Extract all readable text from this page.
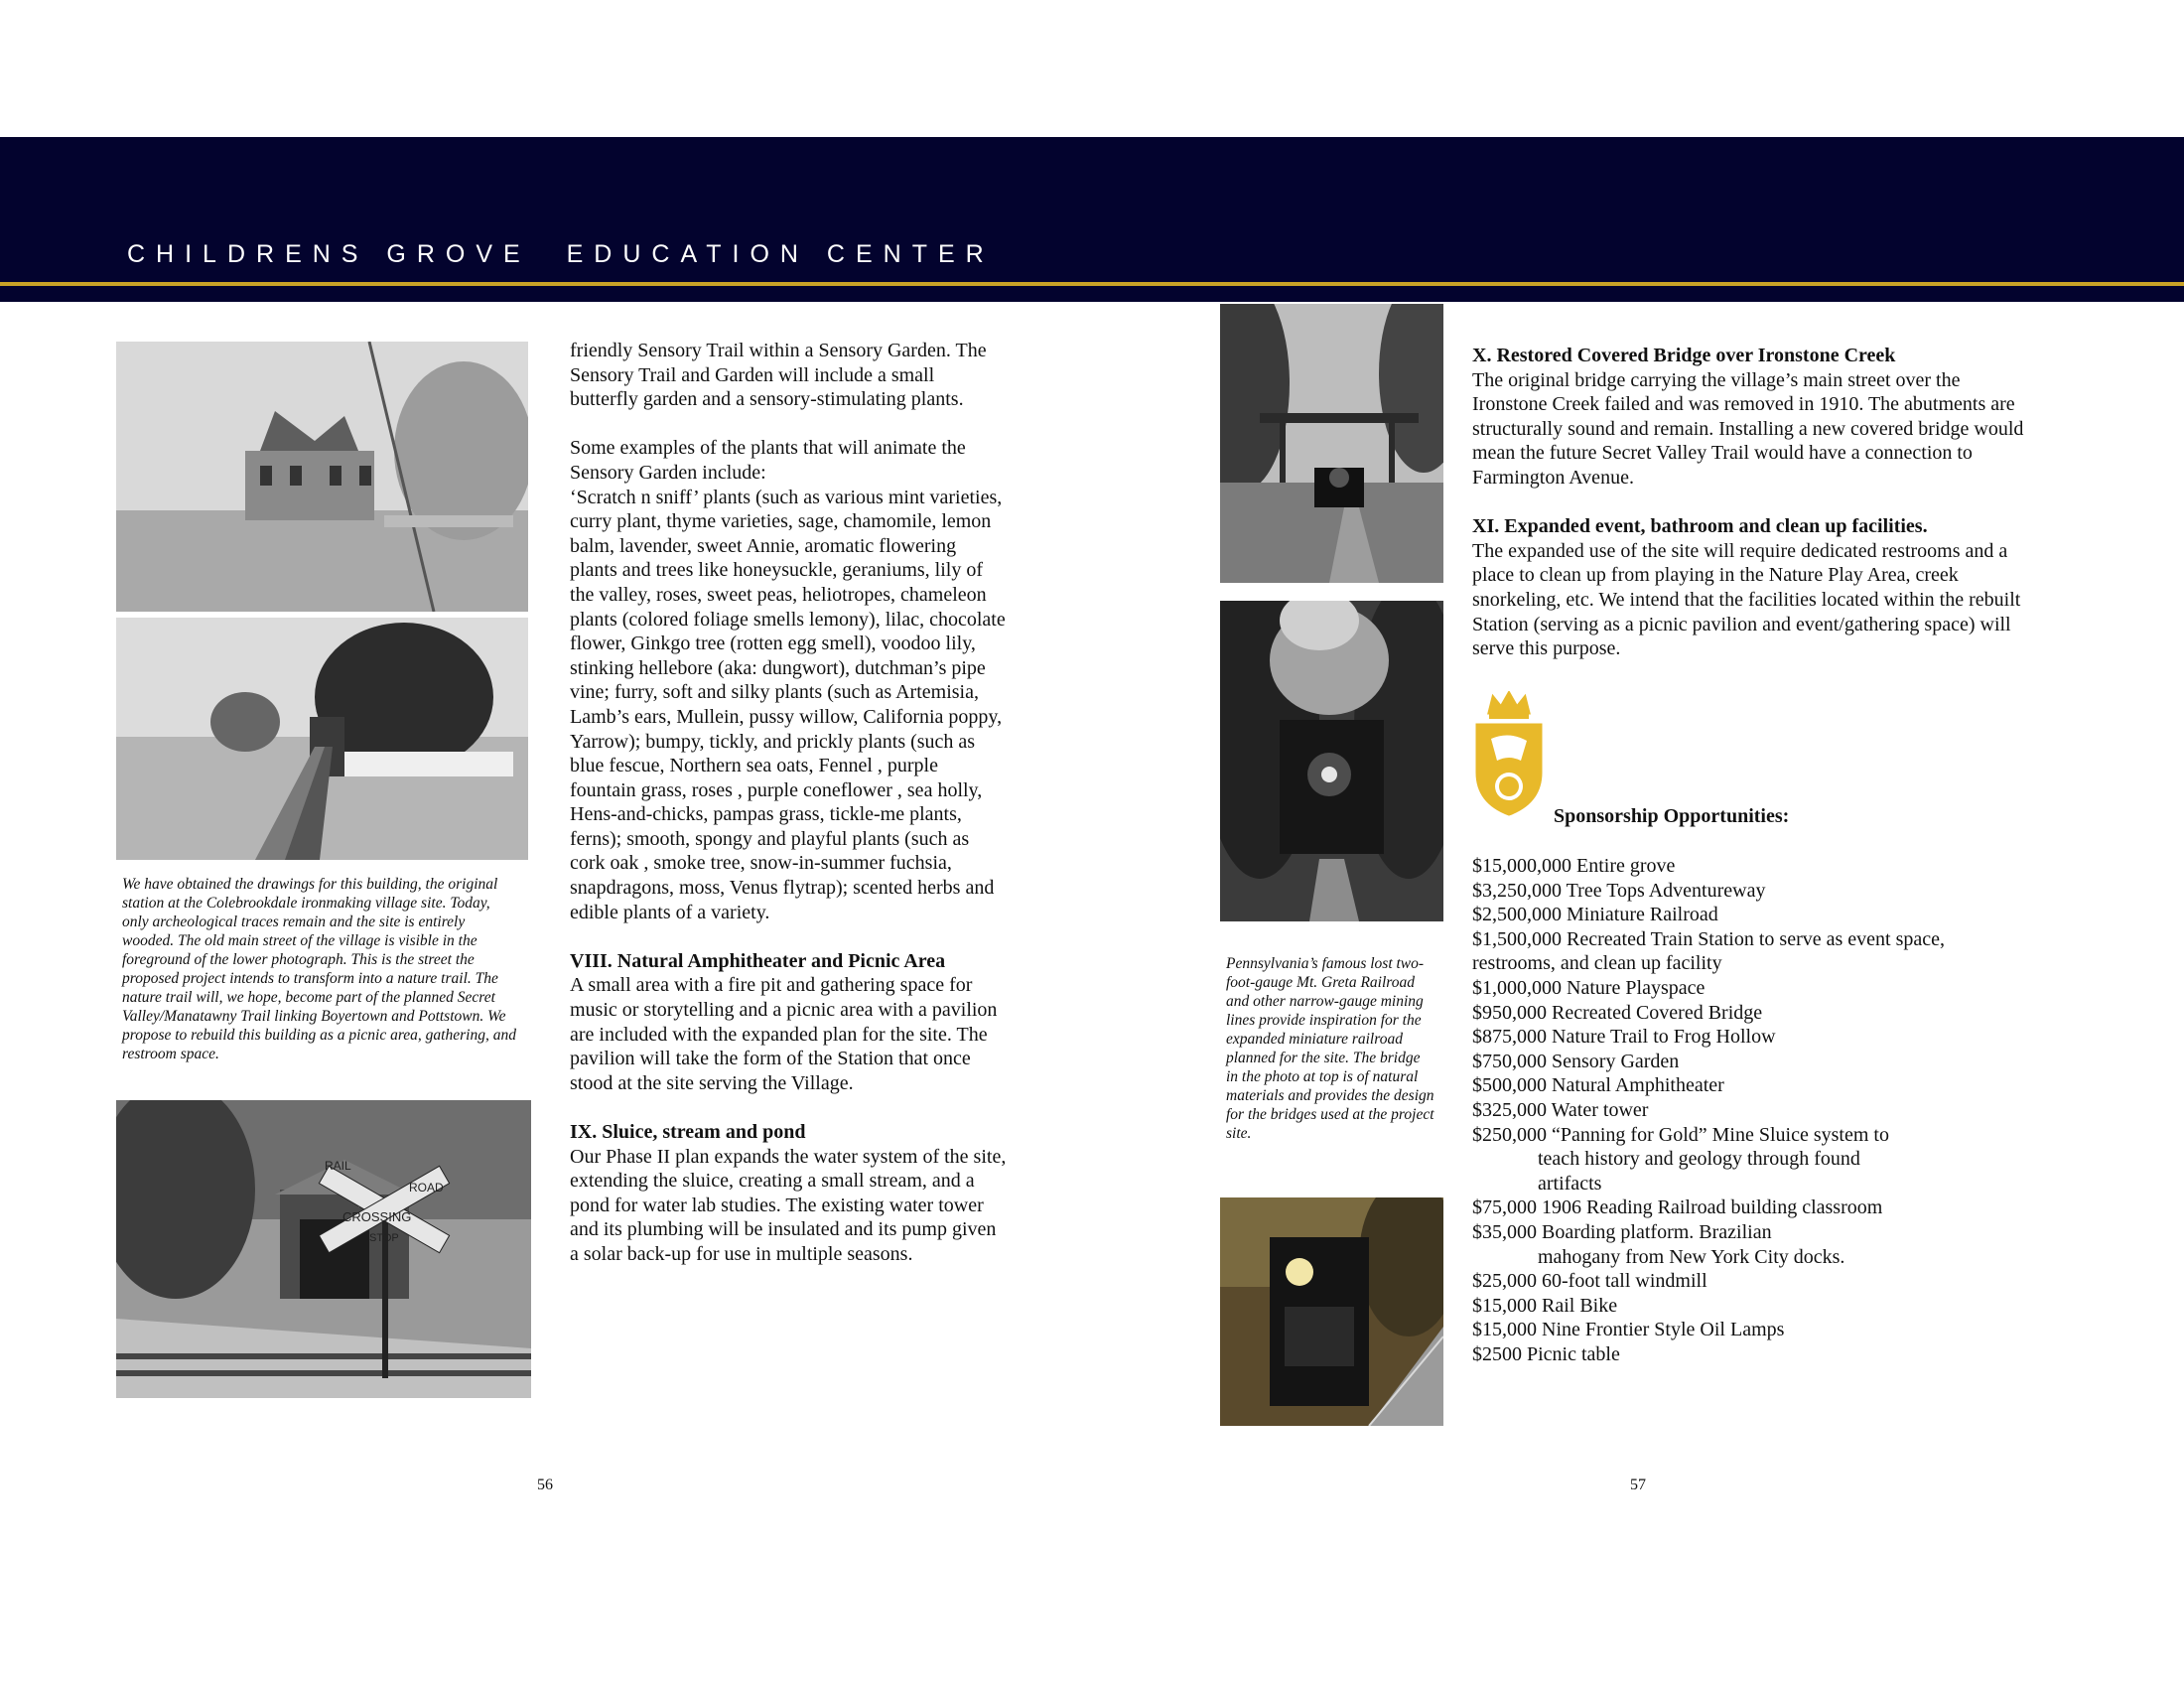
CHILDRENS GROVE  EDUCATION CENTER
We have obtained the drawings for this building, the original station at the Colebrookdale ironmaking village site. Today, only archeological traces remain and the site is entirely wooded. The old main street of the village is visible in the foreground of the lower photograph. This is the street the proposed project intends to transform into a nature trail. The nature trail will, we hope, become part of the planned Secret Valley/Manatawny Trail linking Boyertown and Pottstown. We propose to rebuild this building as a picnic area, gathering, and restroom space.
RAIL
CROSSING
ROAD
STOP

friendly Sensory Trail within a Sensory Garden. The Sensory Trail and Garden will include a small butterfly garden and a sensory-stimulating plants.

Some examples of the plants that will animate the Sensory Garden include:

‘Scratch n sniff’ plants (such as various mint varieties, curry plant, thyme varieties, sage, chamomile, lemon balm, lavender, sweet Annie, aromatic flowering plants and trees like honeysuckle, geraniums, lily of the valley, roses, sweet peas, heliotropes, chameleon plants (colored foliage smells lemony), lilac, chocolate flower, Ginkgo tree (rotten egg smell), voodoo lily, stinking hellebore (aka: dungwort), dutchman’s pipe vine; furry, soft and silky plants (such as Artemisia, Lamb’s ears, Mullein, pussy willow, California poppy, Yarrow); bumpy, tickly, and prickly plants (such as blue fescue, Northern sea oats, Fennel , purple fountain grass, roses , purple coneflower , sea holly, Hens-and-chicks, pampas grass, tickle-me plants, ferns); smooth, spongy and playful plants (such as cork oak , smoke tree, snow-in-summer fuchsia, snapdragons, moss, Venus flytrap); scented herbs and edible plants of a variety.

VIII. Natural Amphitheater and Picnic Area

A small area with a fire pit and gathering space for music or storytelling and a picnic area with a pavilion are included with the expanded plan for the site. The pavilion will take the form of the Station that once stood at the site serving the Village.

IX. Sluice, stream and pond

Our Phase II plan expands the water system of the site, extending the sluice, creating a small stream, and a pond for water lab studies. The existing water tower and its plumbing will be insulated and its pump given a solar back-up for use in multiple seasons.

56
Pennsylvania’s famous lost two-foot-gauge Mt. Greta Railroad and other narrow-gauge mining lines provide inspiration for the expanded miniature railroad planned for the site. The bridge in the photo at top is of natural materials and provides the design for the bridges used at the project site.

X. Restored Covered Bridge over Ironstone Creek

The original bridge carrying the village’s main street over the Ironstone Creek failed and was removed in 1910. The abutments are structurally sound and remain. Installing a new covered bridge would mean the future Secret Valley Trail would have a connection to Farmington Avenue.

XI. Expanded event, bathroom and clean up facilities.

The expanded use of the site will require dedicated restrooms and a place to clean up from playing in the Nature Play Area, creek snorkeling, etc. We intend that the facilities located within the rebuilt Station (serving as a picnic pavilion and event/gathering space) will serve this purpose.

Sponsorship Opportunities:
$15,000,000 Entire grove
$3,250,000 Tree Tops Adventureway
$2,500,000 Miniature Railroad
$1,500,000 Recreated Train Station to serve as event space, restrooms, and clean up facility
$1,000,000 Nature Playspace
$950,000 Recreated Covered Bridge
$875,000 Nature Trail to Frog Hollow
$750,000 Sensory Garden
$500,000 Natural Amphitheater
$325,000 Water tower
$250,000 “Panning for Gold” Mine Sluice system to
teach history and geology through found
artifacts
$75,000 1906 Reading Railroad building classroom
$35,000 Boarding platform. Brazilian
mahogany from New York City docks.
$25,000 60-foot tall windmill
$15,000 Rail Bike
$15,000 Nine Frontier Style Oil Lamps
$2500 Picnic table
57
